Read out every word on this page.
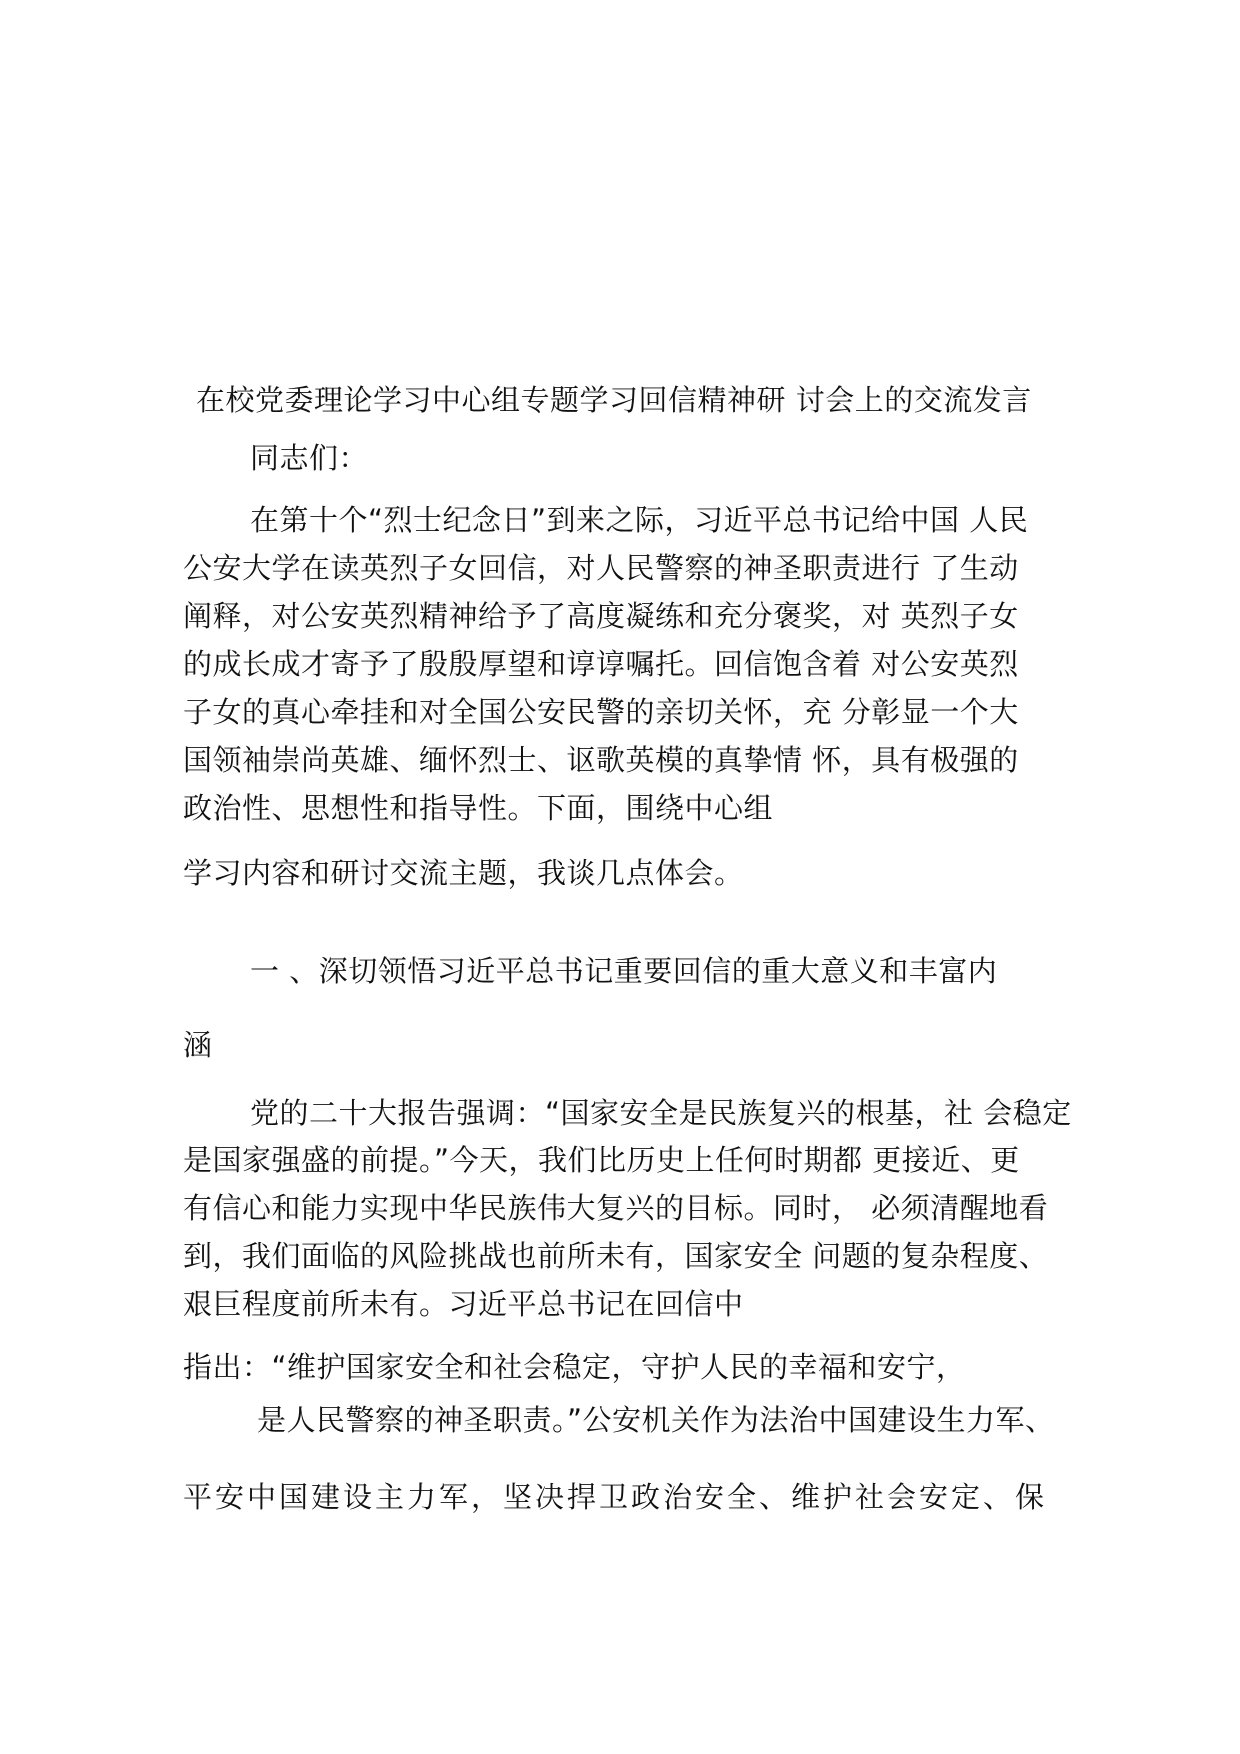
在校党委理论学习中心组专题学习回信精神研 讨会上的交流发言
同志们：
在第十个“烈士纪念日”到来之际，习近平总书记给中国 人民
公安大学在读英烈子女回信，对人民警察的神圣职责进行 了生动
阐释，对公安英烈精神给予了高度凝练和充分褒奖，对 英烈子女
的成长成才寄予了殷殷厚望和谆谆嘱托。回信饱含着 对公安英烈
子女的真心牵挂和对全国公安民警的亲切关怀，充 分彰显一个大
国领袖崇尚英雄、缅怀烈士、讴歌英模的真挚情 怀，具有极强的
政治性、思想性和指导性。下面，围绕中心组
学习内容和研讨交流主题，我谈几点体会。
一 、深切领悟习近平总书记重要回信的重大意义和丰富内
涵
党的二十大报告强调：“国家安全是民族复兴的根基，社 会稳定
是国家强盛的前提。”今天，我们比历史上任何时期都 更接近、更
有信心和能力实现中华民族伟大复兴的目标。同时， 必须清醒地看
到，我们面临的风险挑战也前所未有，国家安全 问题的复杂程度、
艰巨程度前所未有。习近平总书记在回信中
指出：“维护国家安全和社会稳定，守护人民的幸福和安宁，
是人民警察的神圣职责。”公安机关作为法治中国建设生力军、
平安中国建设主力军，坚决捍卫政治安全、维护社会安定、保
